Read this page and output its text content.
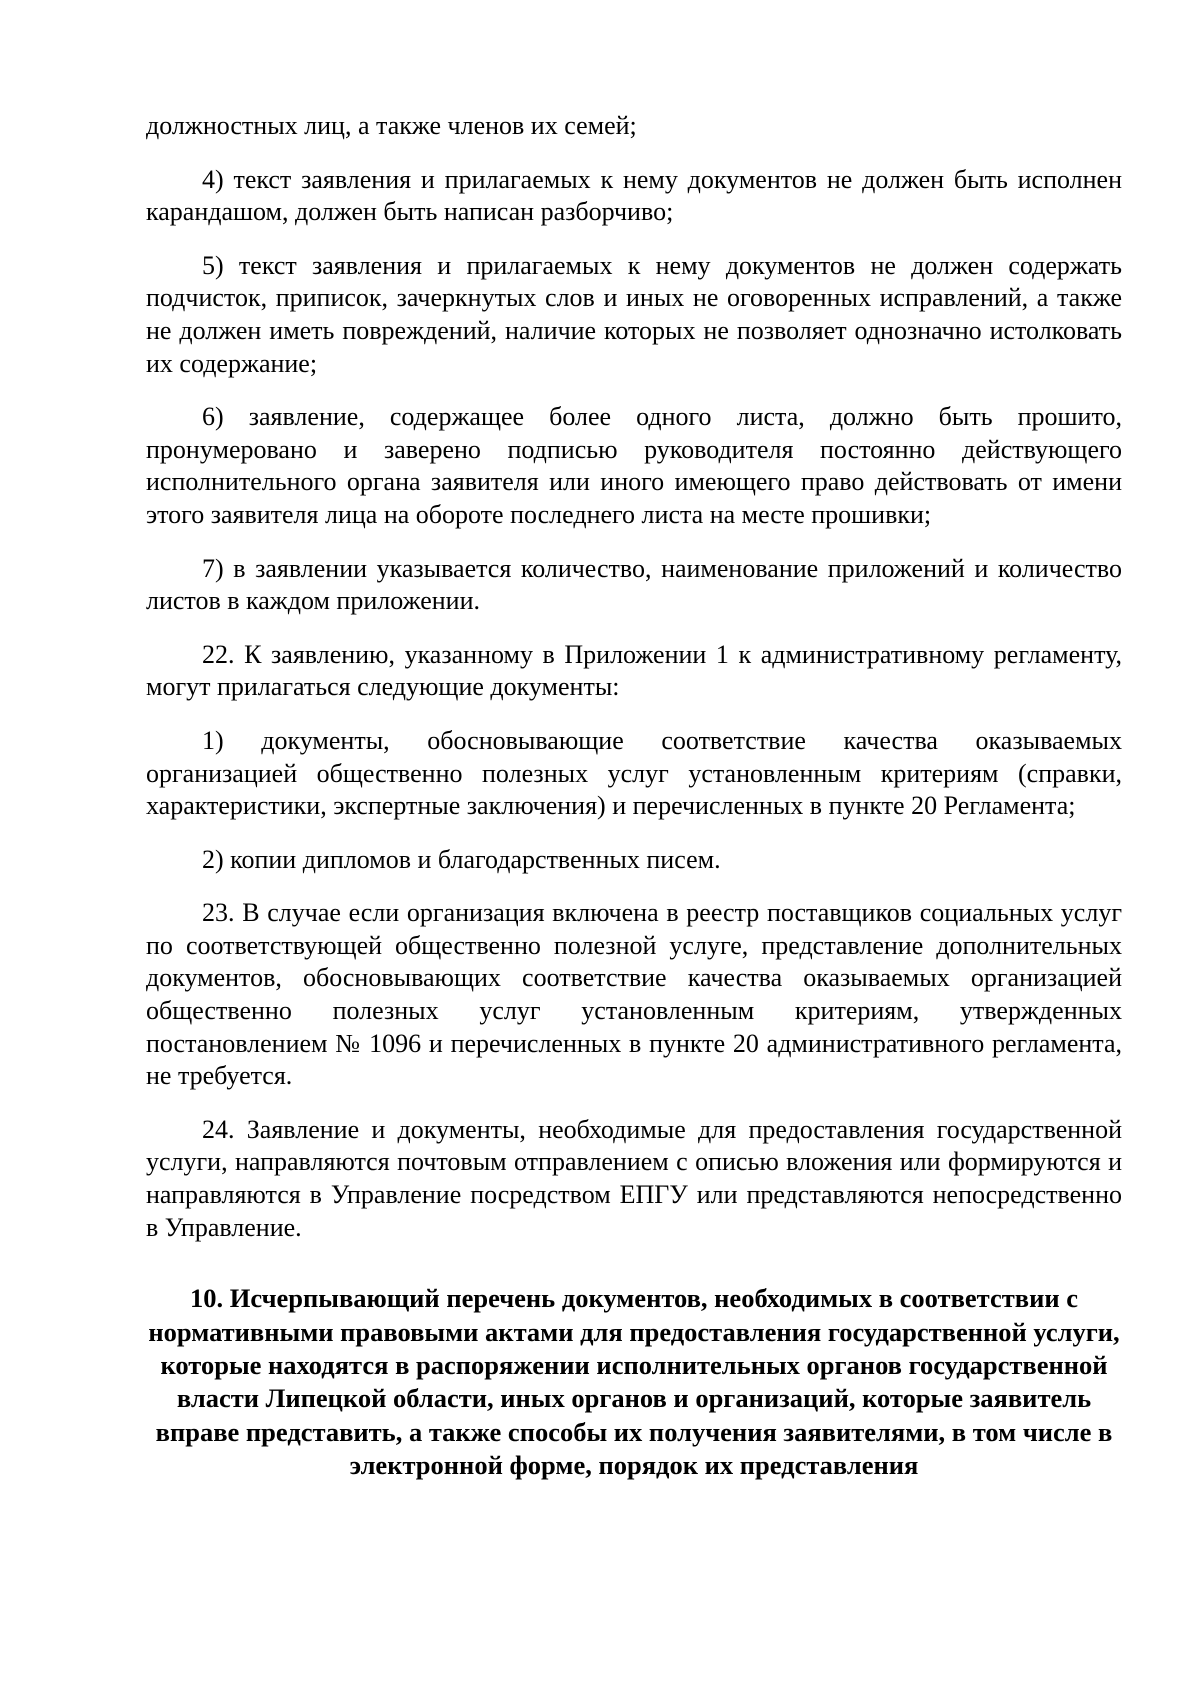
должностных лиц, а также членов их семей;

4) текст заявления и прилагаемых к нему документов не должен быть исполнен карандашом, должен быть написан разборчиво;

5) текст заявления и прилагаемых к нему документов не должен содержать подчисток, приписок, зачеркнутых слов и иных не оговоренных исправлений, а также не должен иметь повреждений, наличие которых не позволяет однозначно истолковать их содержание;

6) заявление, содержащее более одного листа, должно быть прошито, пронумеровано и заверено подписью руководителя постоянно действующего исполнительного органа заявителя или иного имеющего право действовать от имени этого заявителя лица на обороте последнего листа на месте прошивки;

7) в заявлении указывается количество, наименование приложений и количество листов в каждом приложении.

22. К заявлению, указанному в Приложении 1 к административному регламенту, могут прилагаться следующие документы:

1) документы, обосновывающие соответствие качества оказываемых организацией общественно полезных услуг установленным критериям (справки, характеристики, экспертные заключения) и перечисленных в пункте 20 Регламента;

2) копии дипломов и благодарственных писем.

23. В случае если организация включена в реестр поставщиков социальных услуг по соответствующей общественно полезной услуге, представление дополнительных документов, обосновывающих соответствие качества оказываемых организацией общественно полезных услуг установленным критериям, утвержденных постановлением № 1096 и перечисленных в пункте 20 административного регламента, не требуется.

24. Заявление и документы, необходимые для предоставления государственной услуги, направляются почтовым отправлением с описью вложения или формируются и направляются в Управление посредством ЕПГУ или представляются непосредственно в Управление.

10. Исчерпывающий перечень документов, необходимых в соответствии с нормативными правовыми актами для предоставления государственной услуги, которые находятся в распоряжении исполнительных органов государственной власти Липецкой области, иных органов и организаций, которые заявитель вправе представить, а также способы их получения заявителями, в том числе в электронной форме, порядок их представления
